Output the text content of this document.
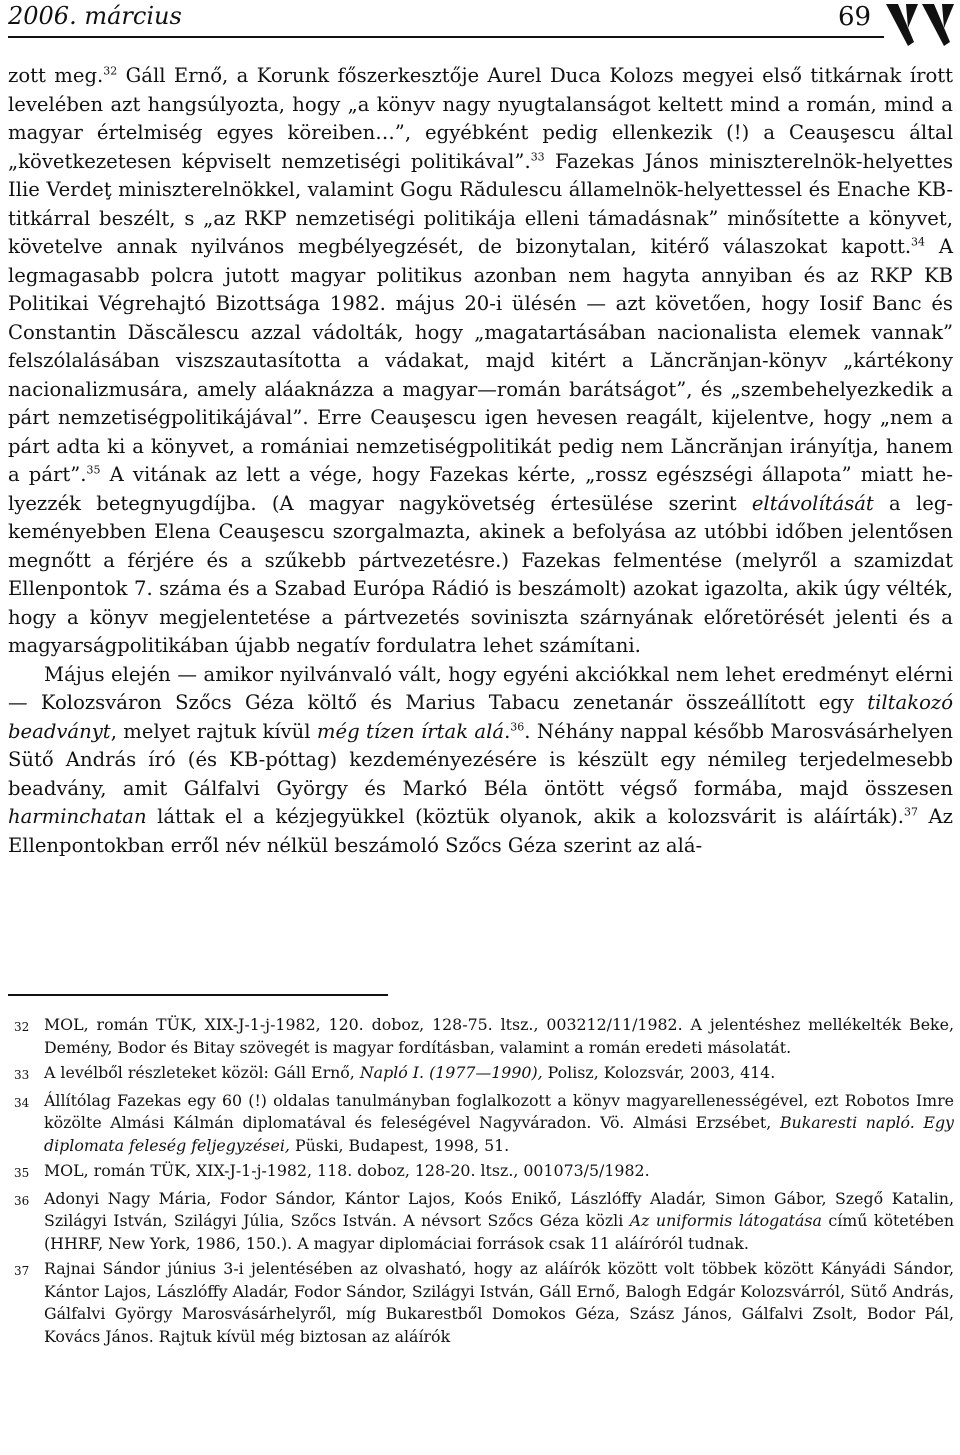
2006. március	69

zott meg.$^{32}$ Gáll Ernő, a Korunk főszerkesztője Aurel Duca Kolozs megyei első titkárnak írott levelében azt hangsúlyozta, hogy „a könyv nagy nyugtalanságot keltett mind a román, mind a magyar értelmiség egyes köreiben…”, egyébként pedig ellenkezik (!) a Ceauşescu által „következetesen képviselt nemzetiségi politikával”.$^{33}$ Fazekas János miniszterelnök-helyettes Ilie Verdeţ miniszterelnökkel, valamint Gogu Rădulescu államelnök-helyettessel és Enache KB-titkárral beszélt, s „az RKP nemzetiségi politikája elleni támadásnak” minősítette a könyvet, követelve annak nyilvános megbélyegzését, de bizonytalan, kitérő válaszokat kapott.$^{34}$ A legmagasabb polcra jutott magyar politikus azonban nem hagyta annyiban és az RKP KB Politikai Végrehajtó Bizottsága 1982. május 20-i ülésén — azt követően, hogy Iosif Banc és Constantin Dăscălescu azzal vádolták, hogy „magatartásában nacionalista elemek vannak” felszólalásában viszszautasította a vádakat, majd kitért a Lăncrănjan-könyv „kártékony nacionalizmusára, amely aláaknázza a magyar—román barátságot”, és „szembehelyezkedik a párt nemzetiségpolitikájával”. Erre Ceauşescu igen hevesen reagált, kijelentve, hogy „nem a párt adta ki a könyvet, a romániai nemzetiségpolitikát pedig nem Lăncrănjan irányítja, hanem a párt”.$^{35}$ A vitának az lett a vége, hogy Fazekas kérte, „rossz egészségi állapota” miatt helyezzék betegnyugdíjba. (A magyar nagykövetség értesülése szerint eltávolítását a legkeményebben Elena Ceauşescu szorgalmazta, akinek a befolyása az utóbbi időben jelentősen megnőtt a férjére és a szűkebb pártvezetésre.) Fazekas felmentése (melyről a szamizdat Ellenpontok 7. száma és a Szabad Európa Rádió is beszámolt) azokat igazolta, akik úgy vélték, hogy a könyv megjelentetése a pártvezetés soviniszta szárnyának előretörését jelenti és a magyarságpolitikában újabb negatív fordulatra lehet számítani.

Május elején — amikor nyilvánvaló vált, hogy egyéni akciókkal nem lehet eredményt elérni — Kolozsváron Szőcs Géza költő és Marius Tabacu zenetanár összeállított egy tiltakozó beadványt, melyet rajtuk kívül még tízen írtak alá.$^{36}$. Néhány nappal később Marosvásárhelyen Sütő András író (és KB-póttag) kezdeményezésére is készült egy némileg terjedelmesebb beadvány, amit Gálfalvi György és Markó Béla öntött végső formába, majd összesen harminchatan láttak el a kézjegyükkel (köztük olyanok, akik a kolozsvárit is aláírták).$^{37}$ Az Ellenpontokban erről név nélkül beszámoló Szőcs Géza szerint az alá-

32 MOL, román TÜK, XIX-J-1-j-1982, 120. doboz, 128-75. ltsz., 003212/11/1982. A jelentéshez mellékelték Beke, Demény, Bodor és Bitay szövegét is magyar fordításban, valamint a román eredeti másolatát.
33 A levélből részleteket közöl: Gáll Ernő, Napló I. (1977—1990), Polisz, Kolozsvár, 2003, 414.
34 Állítólag Fazekas egy 60 (!) oldalas tanulmányban foglalkozott a könyv magyarellenességével, ezt Robotos Imre közölte Almási Kálmán diplomatával és feleségével Nagyváradon. Vö. Almási Erzsébet, Bukaresti napló. Egy diplomata feleség feljegyzései, Püski, Budapest, 1998, 51.
35 MOL, román TÜK, XIX-J-1-j-1982, 118. doboz, 128-20. ltsz., 001073/5/1982.
36 Adonyi Nagy Mária, Fodor Sándor, Kántor Lajos, Koós Enikő, Lászlóffy Aladár, Simon Gábor, Szegő Katalin, Szilágyi István, Szilágyi Júlia, Szőcs István. A névsort Szőcs Géza közli Az uniformis látogatása című kötetében (HHRF, New York, 1986, 150.). A magyar diplomáciai források csak 11 aláíróról tudnak.
37 Rajnai Sándor június 3-i jelentésében az olvasható, hogy az aláírók között volt többek között Kányádi Sándor, Kántor Lajos, Lászlóffy Aladár, Fodor Sándor, Szilágyi István, Gáll Ernő, Balogh Edgár Kolozsvárról, Sütő András, Gálfalvi György Marosvásárhelyről, míg Bukarestből Domokos Géza, Szász János, Gálfalvi Zsolt, Bodor Pál, Kovács János. Rajtuk kívül még biztosan az aláírók
